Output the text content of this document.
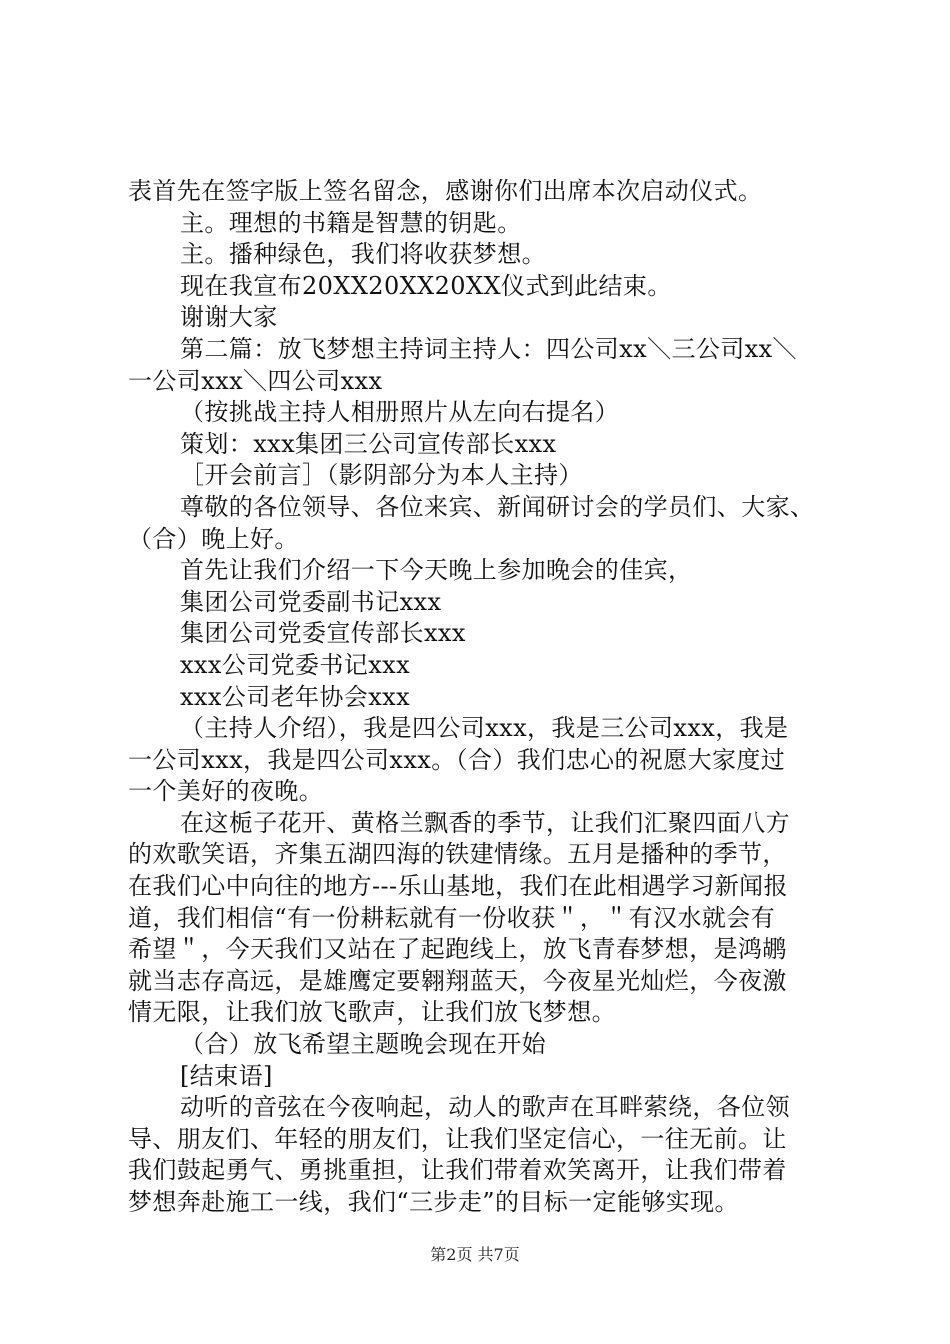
表首先在签字版上签名留念，感谢你们出席本次启动仪式。
主。理想的书籍是智慧的钥匙。
主。播种绿色，我们将收获梦想。
现在我宣布20XX20XX20XX仪式到此结束。
谢谢大家
第二篇：放飞梦想主持词主持人：四公司xx＼三公司xx＼
一公司xxx＼四公司xxx
（按挑战主持人相册照片从左向右提名）
策划：xxx集团三公司宣传部长xxx
［开会前言］（影阴部分为本人主持）
尊敬的各位领导、各位来宾、新闻研讨会的学员们、大家、
（合）晚上好。
首先让我们介绍一下今天晚上参加晚会的佳宾，
集团公司党委副书记xxx
集团公司党委宣传部长xxx
xxx公司党委书记xxx
xxx公司老年协会xxx
（主持人介绍），我是四公司xxx，我是三公司xxx，我是
一公司xxx，我是四公司xxx。（合）我们忠心的祝愿大家度过
一个美好的夜晚。
在这栀子花开、黄格兰飘香的季节，让我们汇聚四面八方
的欢歌笑语，齐集五湖四海的铁建情缘。五月是播种的季节，
在我们心中向往的地方---乐山基地，我们在此相遇学习新闻报
道，我们相信“有一份耕耘就有一份收获＂，＂有汉水就会有
希望＂，今天我们又站在了起跑线上，放飞青春梦想，是鸿鹕
就当志存高远，是雄鹰定要翱翔蓝天，今夜星光灿烂，今夜激
情无限，让我们放飞歌声，让我们放飞梦想。
（合）放飞希望主题晚会现在开始
[结束语]
动听的音弦在今夜响起，动人的歌声在耳畔萦绕，各位领
导、朋友们、年轻的朋友们，让我们坚定信心，一往无前。让
我们鼓起勇气、勇挑重担，让我们带着欢笑离开，让我们带着
梦想奔赴施工一线，我们“三步走”的目标一定能够实现。
第2页 共7页
